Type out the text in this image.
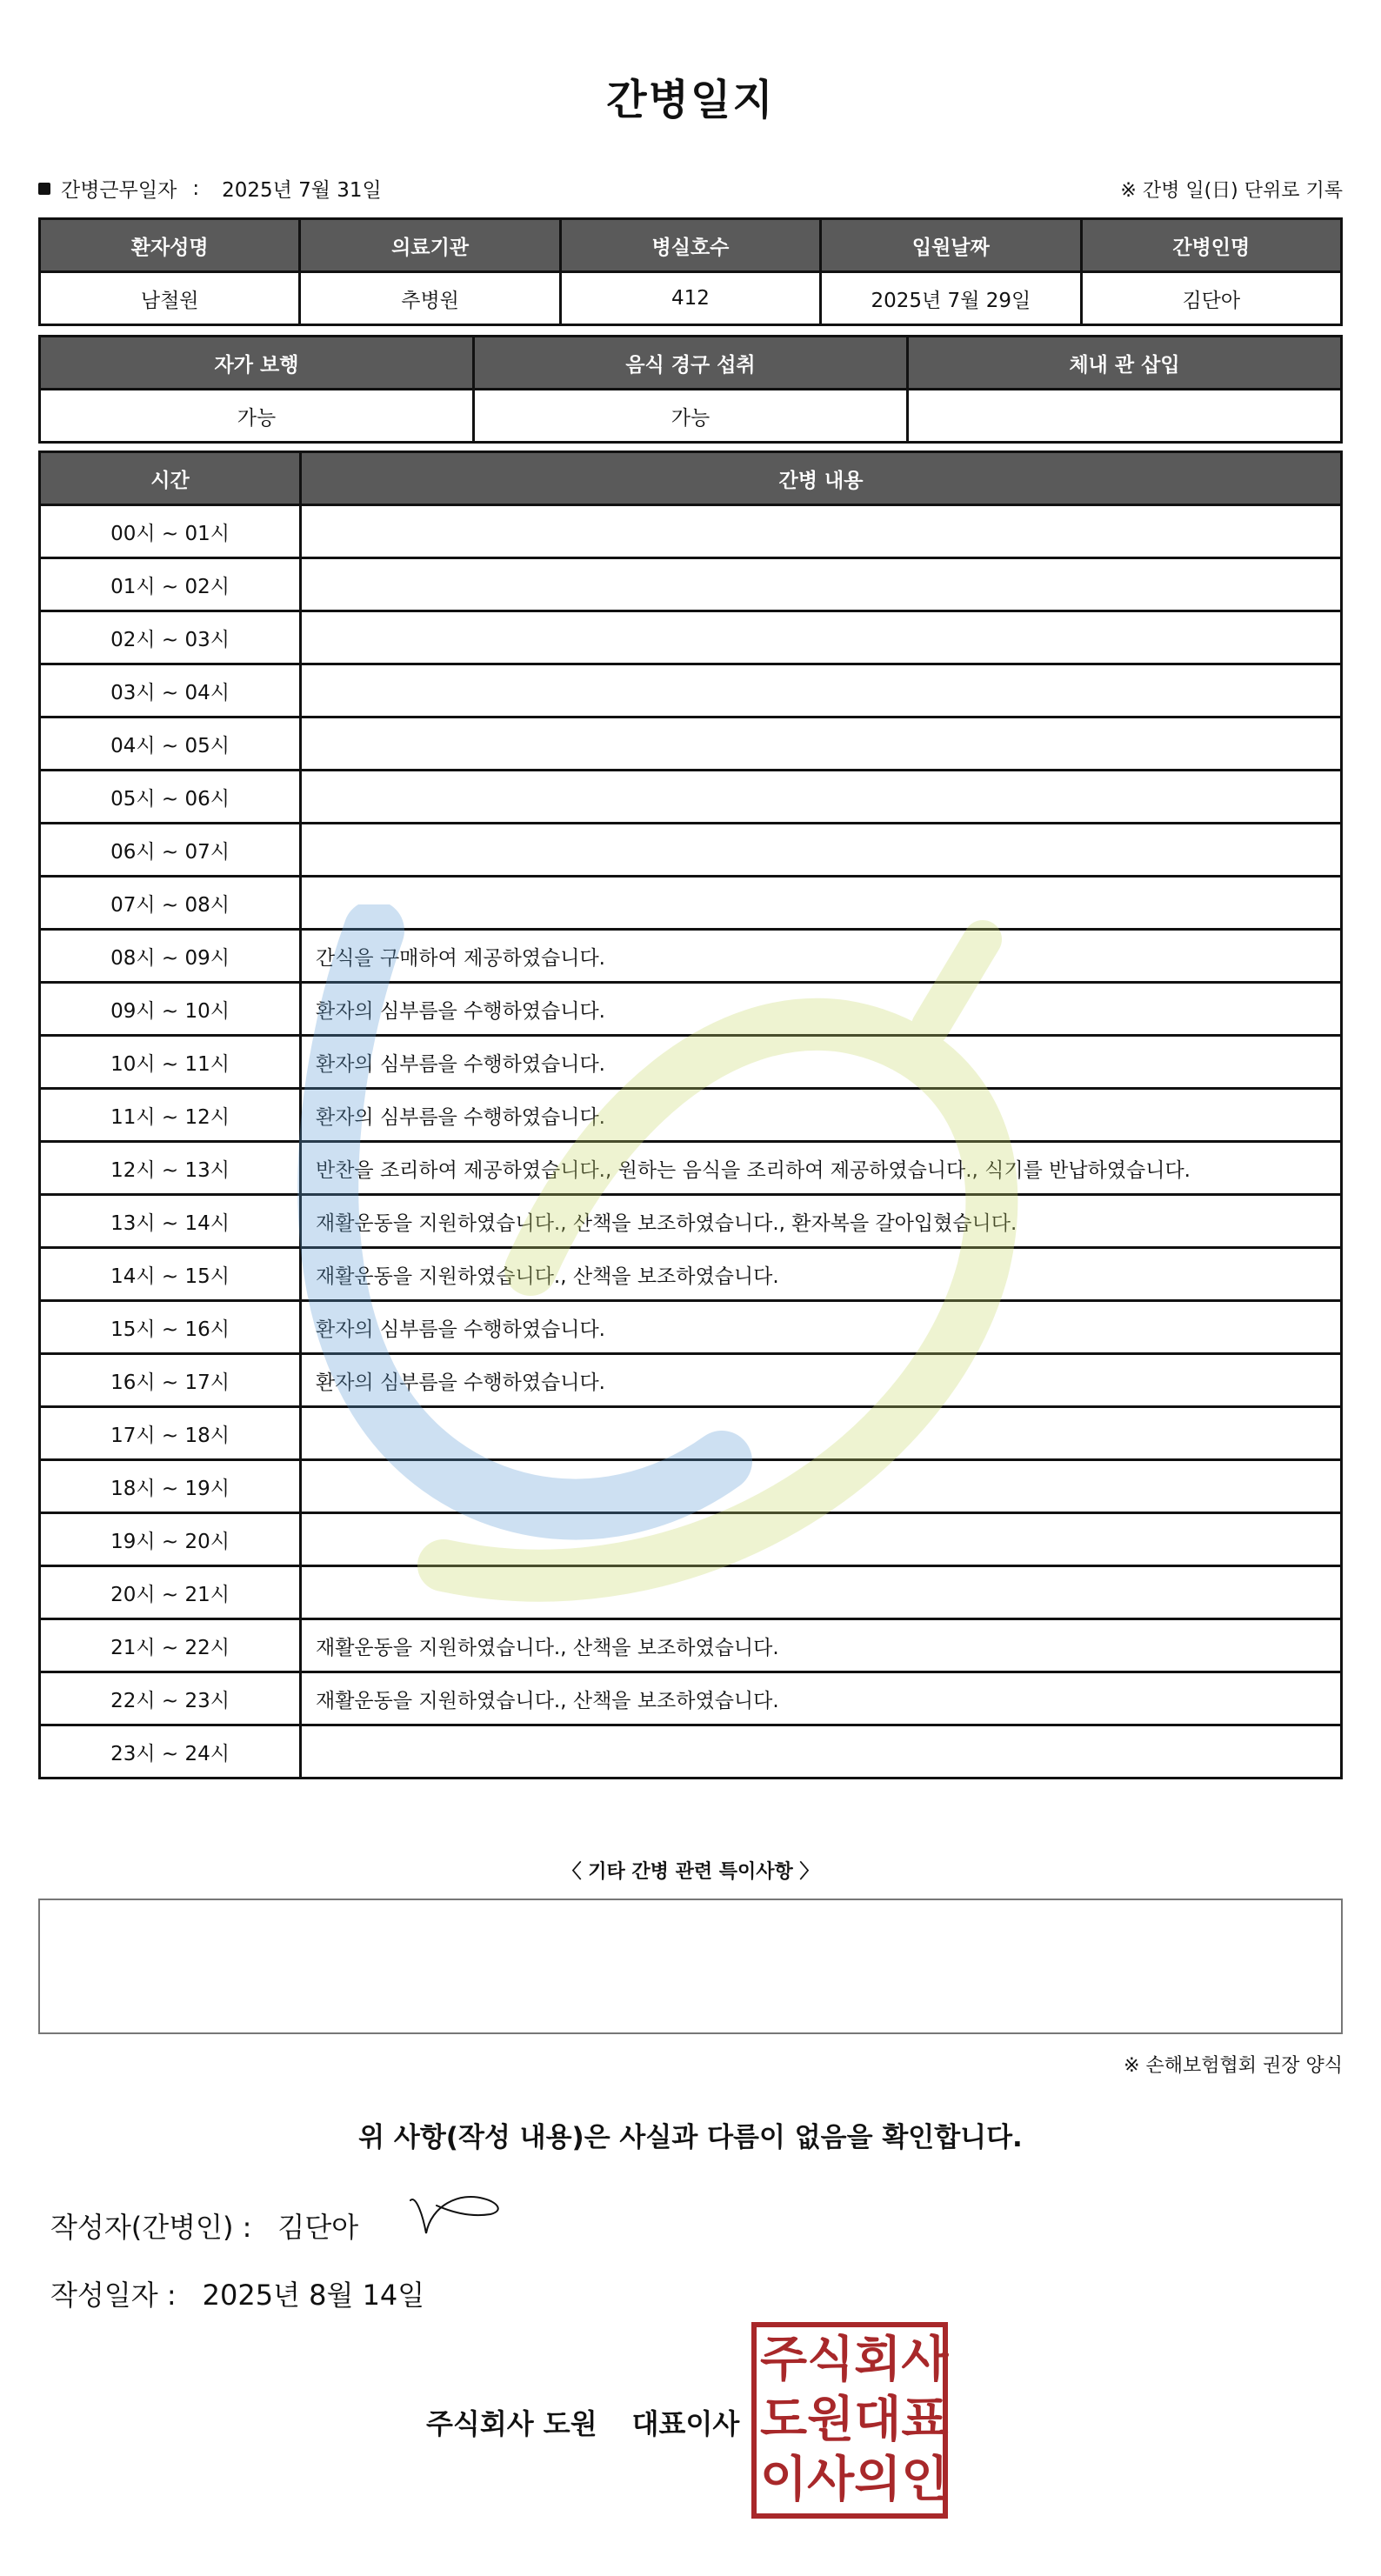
간병일지
간병근무일자 : 2025년 7월 31일	※ 간병 일(日) 단위로 기록
환자성명	의료기관	병실호수	입원날짜	간병인명
남철원	추병원	412	2025년 7월 29일	김단아
자가 보행	음식 경구 섭취	체내 관 삽입
가능	가능	
시간	간병 내용
00시 ~ 01시	
01시 ~ 02시	
02시 ~ 03시	
03시 ~ 04시	
04시 ~ 05시	
05시 ~ 06시	
06시 ~ 07시	
07시 ~ 08시	
08시 ~ 09시	간식을 구매하여 제공하였습니다.
09시 ~ 10시	환자의 심부름을 수행하였습니다.
10시 ~ 11시	환자의 심부름을 수행하였습니다.
11시 ~ 12시	환자의 심부름을 수행하였습니다.
12시 ~ 13시	반찬을 조리하여 제공하였습니다., 원하는 음식을 조리하여 제공하였습니다., 식기를 반납하였습니다.
13시 ~ 14시	재활운동을 지원하였습니다., 산책을 보조하였습니다., 환자복을 갈아입혔습니다.
14시 ~ 15시	재활운동을 지원하였습니다., 산책을 보조하였습니다.
15시 ~ 16시	환자의 심부름을 수행하였습니다.
16시 ~ 17시	환자의 심부름을 수행하였습니다.
17시 ~ 18시	
18시 ~ 19시	
19시 ~ 20시	
20시 ~ 21시	
21시 ~ 22시	재활운동을 지원하였습니다., 산책을 보조하였습니다.
22시 ~ 23시	재활운동을 지원하였습니다., 산책을 보조하였습니다.
23시 ~ 24시	
〈 기타 간병 관련 특이사항 〉
※ 손해보험협회 권장 양식
위 사항(작성 내용)은 사실과 다름이 없음을 확인합니다.
작성자(간병인) : 김단아
작성일자 : 2025년 8월 14일
주식회사 도원 대표이사
주 식 회 사
도 원 대 표
이 사 의 인
